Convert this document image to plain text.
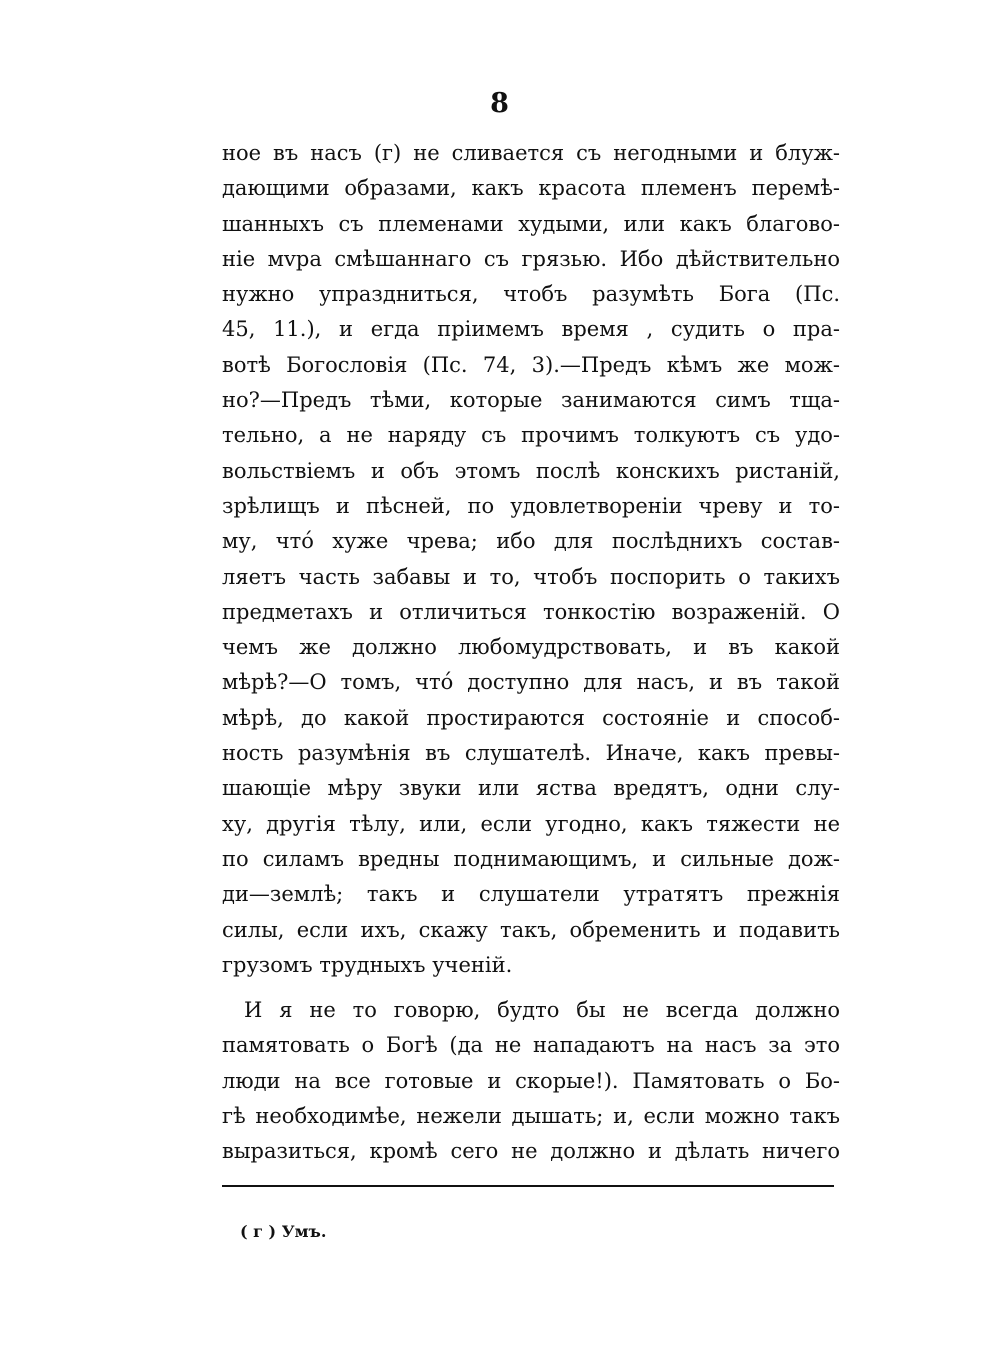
8
ное въ насъ (г) не сливается съ негодными и блуж-
дающими образами, какъ красота племенъ перемѣ-
шанныхъ съ племенами худыми, или какъ благово-
ніе мvра смѣшаннаго съ грязью. Ибо дѣйствительно
нужно упраздниться, чтобъ разумѣть Бога (Пс.
45, 11.), и егда пріимемъ время , судить о пра-
вотѣ Богословія (Пс. 74, 3).—Предъ кѣмъ же мож-
но?—Предъ тѣми, которые занимаются симъ тща-
тельно, а не наряду съ прочимъ толкуютъ съ удо-
вольствіемъ и объ этомъ послѣ конскихъ ристаній,
зрѣлищъ и пѣсней, по удовлетвореніи чреву и то-
му, что́ хуже чрева; ибо для послѣднихъ состав-
ляетъ часть забавы и то, чтобъ поспорить о такихъ
предметахъ и отличиться тонкостію возраженій. О
чемъ же должно любомудрствовать, и въ какой
мѣрѣ?—О томъ, что́ доступно для насъ, и въ такой
мѣрѣ, до какой простираются состояніе и способ-
ность разумѣнія въ слушателѣ. Иначе, какъ превы-
шающіе мѣру звуки или яства вредятъ, одни слу-
ху, другія тѣлу, или, если угодно, какъ тяжести не
по силамъ вредны поднимающимъ, и сильные дож-
ди—землѣ; такъ и слушатели утратятъ прежнія
силы, если ихъ, скажу такъ, обременить и подавить
грузомъ трудныхъ ученій.
И я не то говорю, будто бы не всегда должно
памятовать о Богѣ (да не нападаютъ на насъ за это
люди на все готовые и скорые!). Памятовать о Бо-
гѣ необходимѣе, нежели дышать; и, если можно такъ
выразиться, кромѣ сего не должно и дѣлать ничего
( г ) Умъ.
